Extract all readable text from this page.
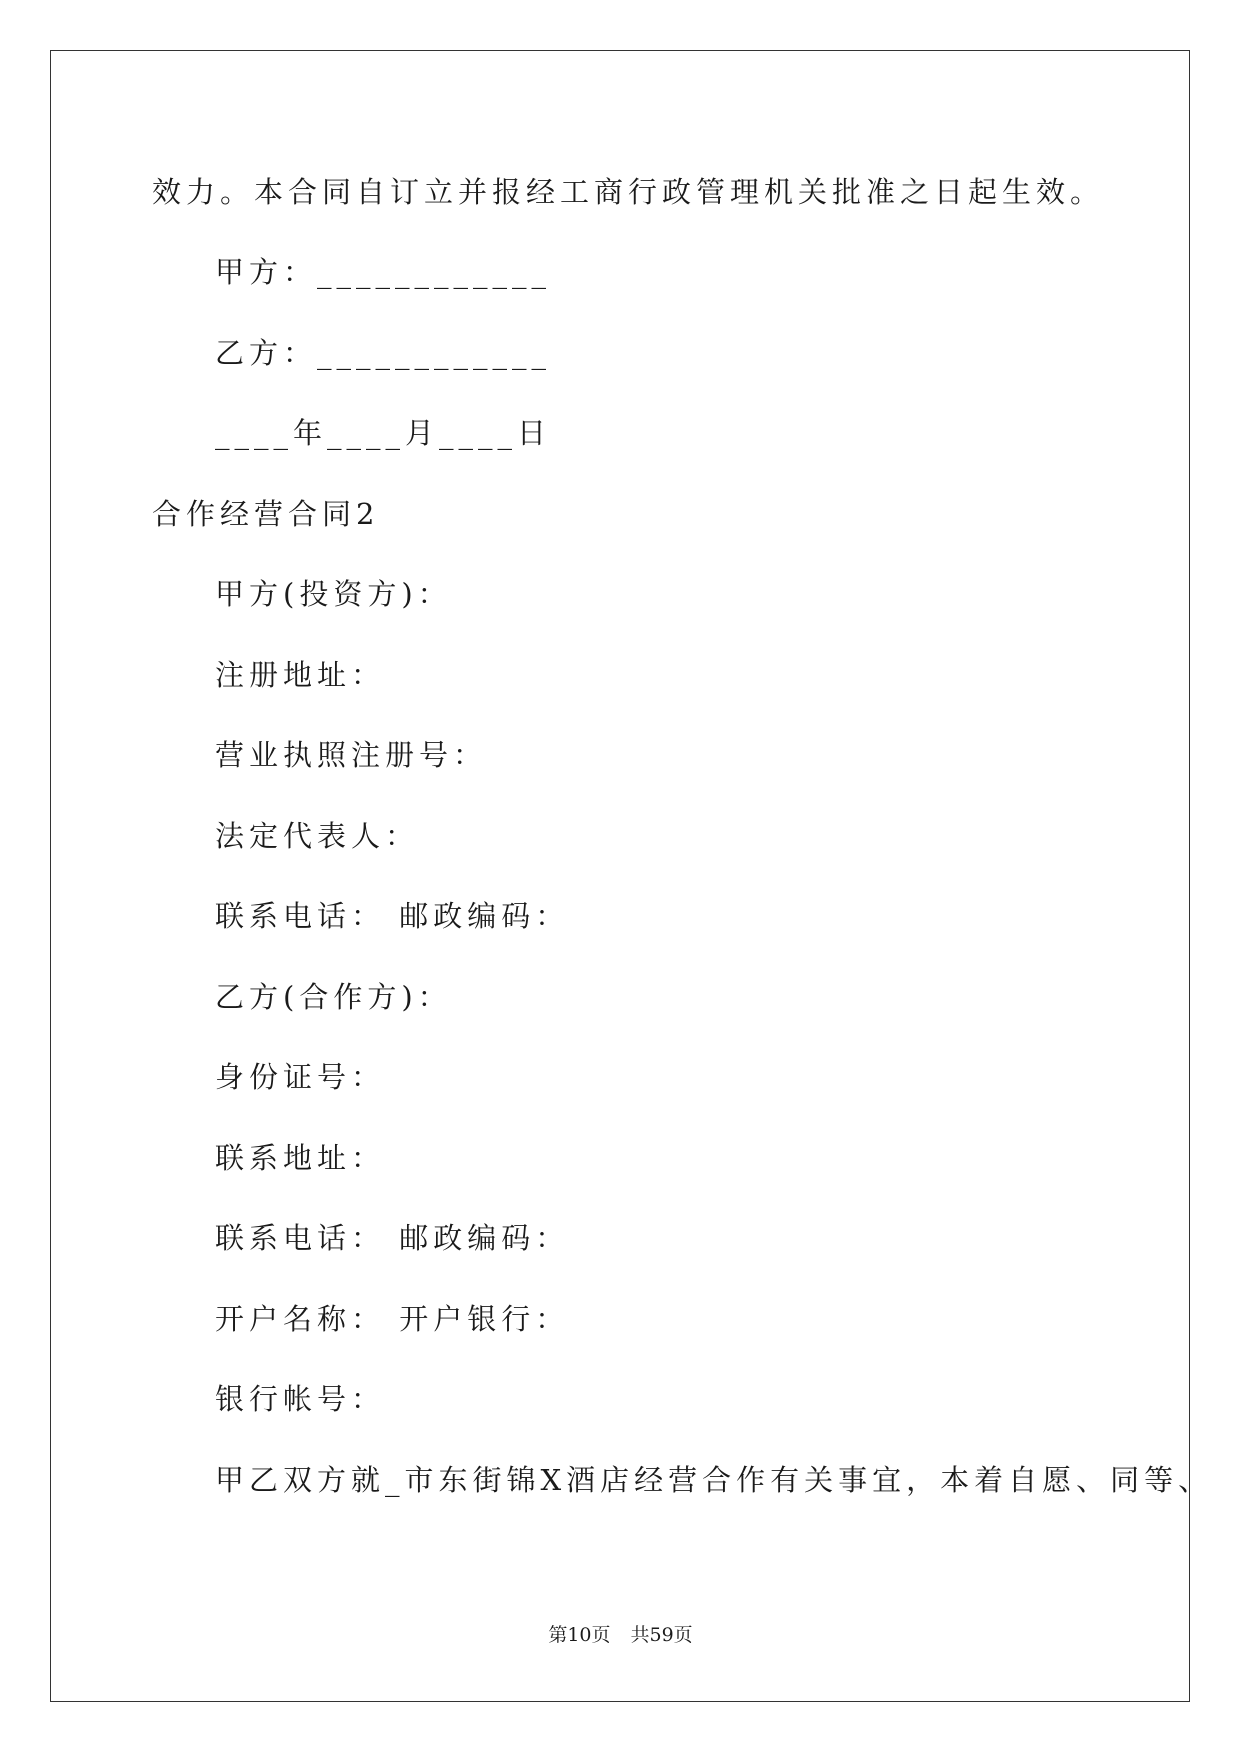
效力。本合同自订立并报经工商行政管理机关批准之日起生效。
甲方：____________
乙方：____________
____年____月____日
合作经营合同2
甲方(投资方)：
注册地址：
营业执照注册号：
法定代表人：
联系电话： 邮政编码：
乙方(合作方)：
身份证号：
联系地址：
联系电话： 邮政编码：
开户名称： 开户银行：
银行帐号：
甲乙双方就_市东街锦X酒店经营合作有关事宜，本着自愿、同等、
第10页 共59页
